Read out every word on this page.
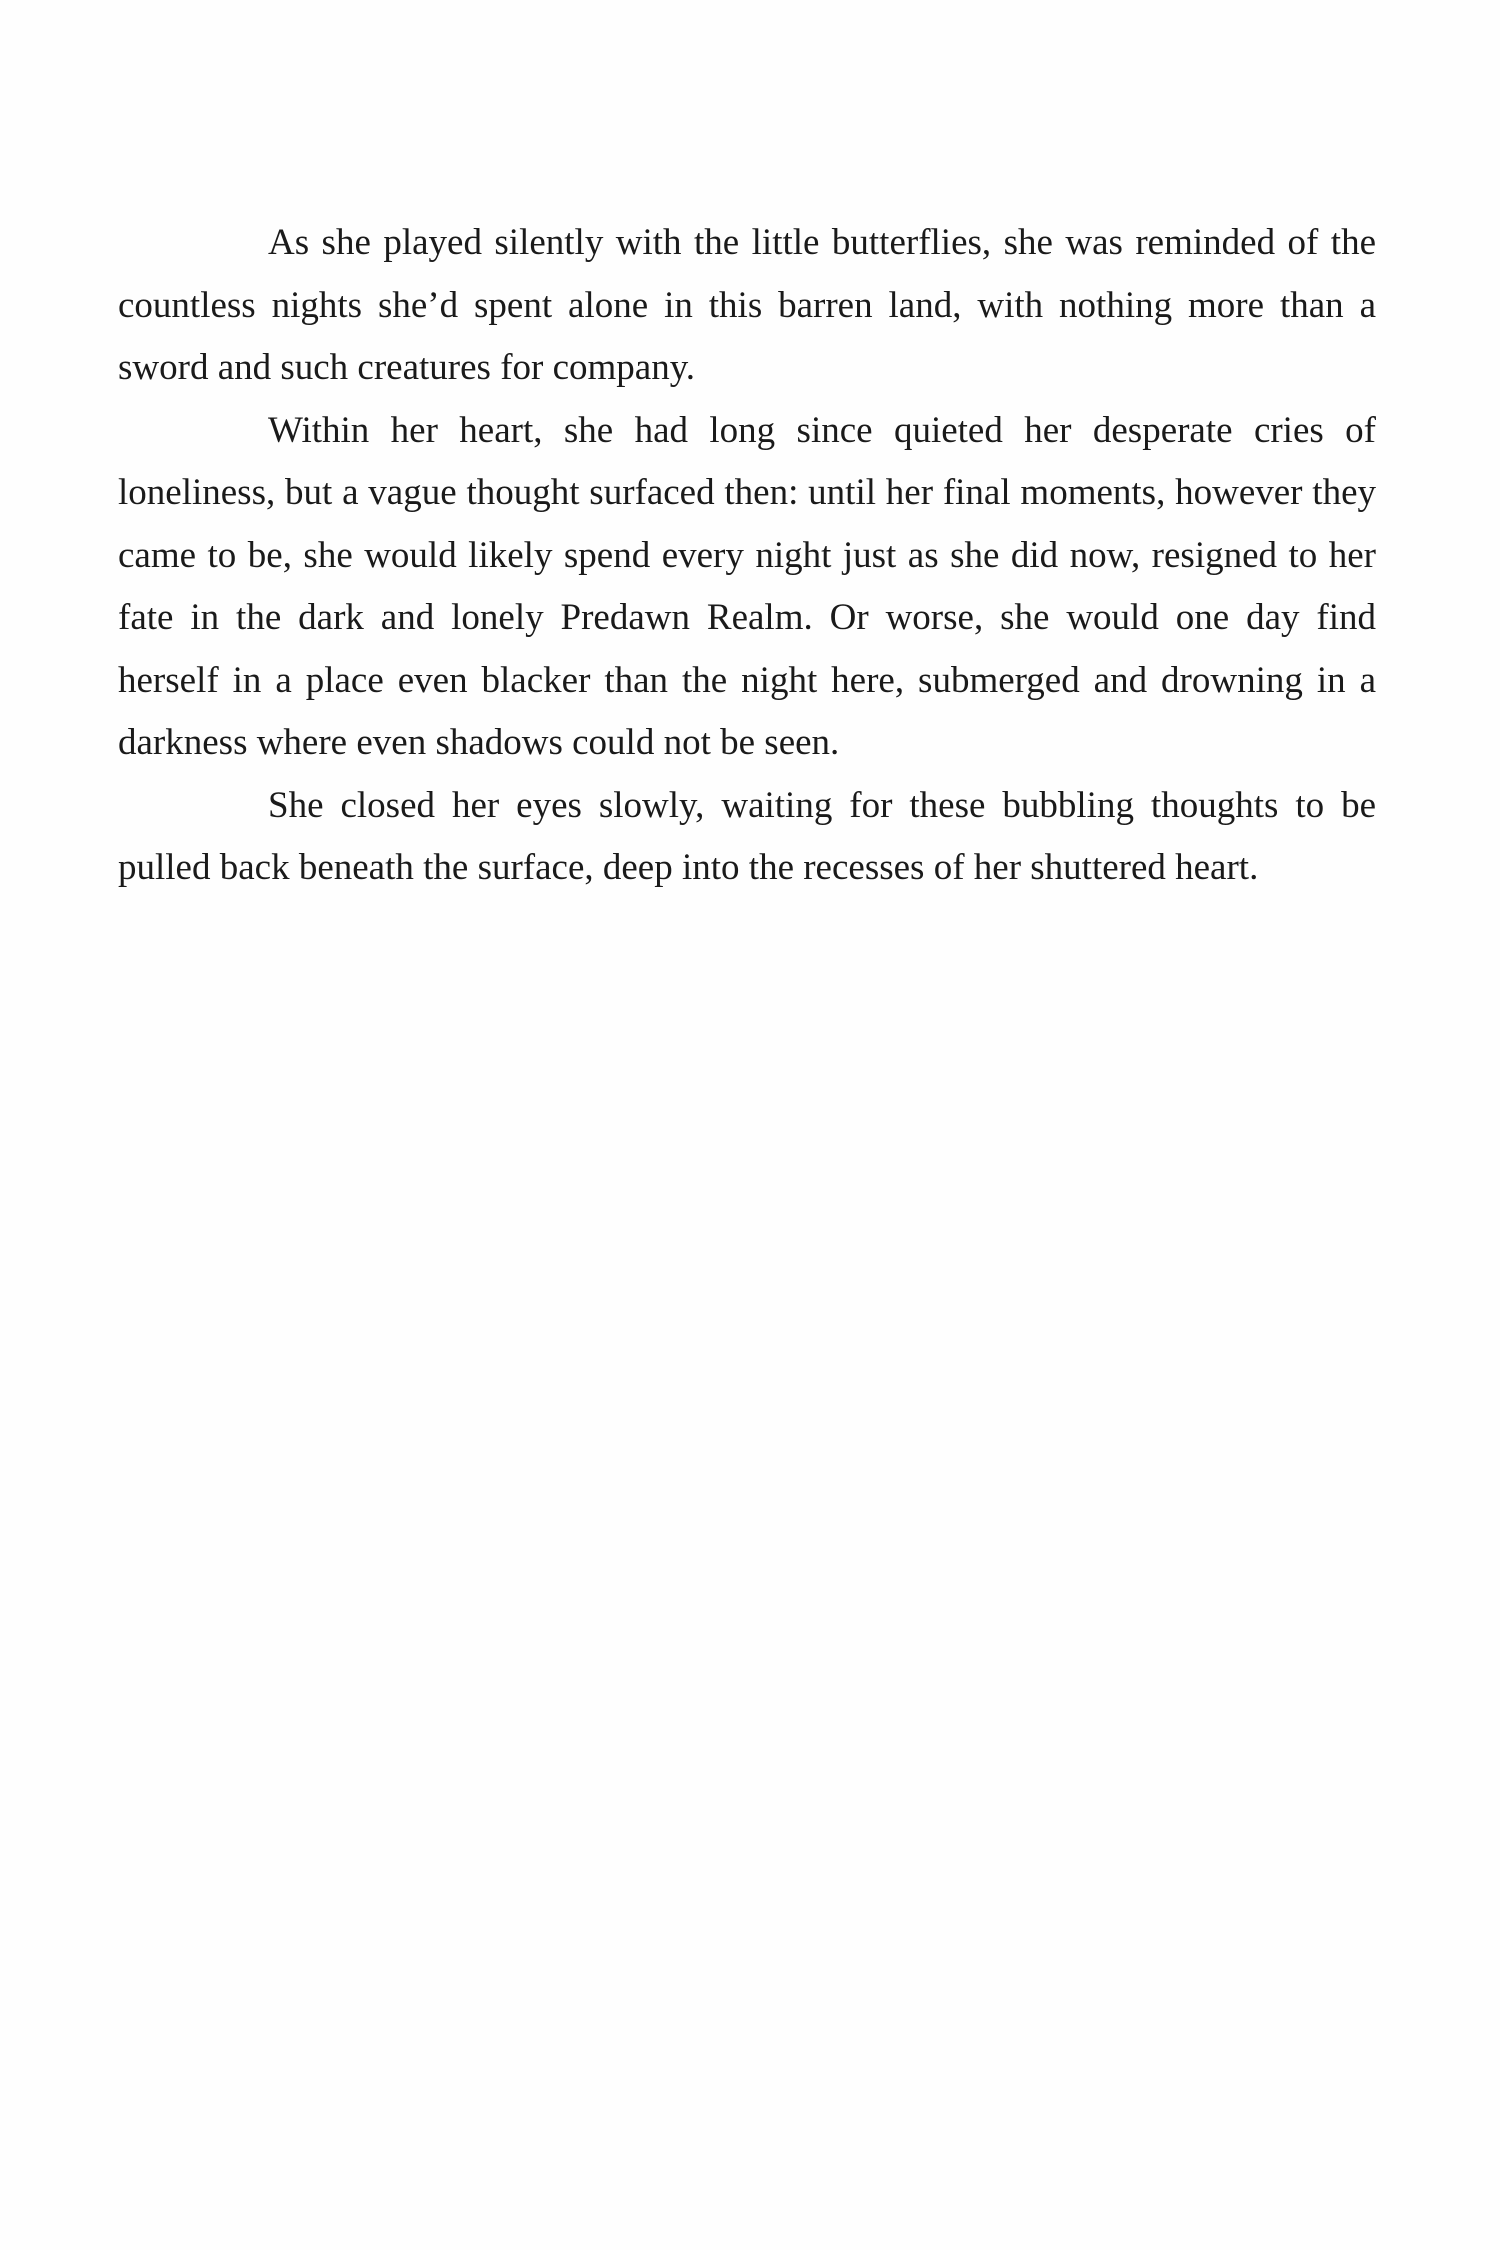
As she played silently with the little butterflies, she was reminded of the countless nights she’d spent alone in this barren land, with nothing more than a sword and such creatures for company.

Within her heart, she had long since quieted her desperate cries of loneliness, but a vague thought surfaced then: until her final moments, however they came to be, she would likely spend every night just as she did now, resigned to her fate in the dark and lonely Predawn Realm. Or worse, she would one day find herself in a place even blacker than the night here, submerged and drowning in a darkness where even shadows could not be seen.

She closed her eyes slowly, waiting for these bubbling thoughts to be pulled back beneath the surface, deep into the recesses of her shuttered heart.
